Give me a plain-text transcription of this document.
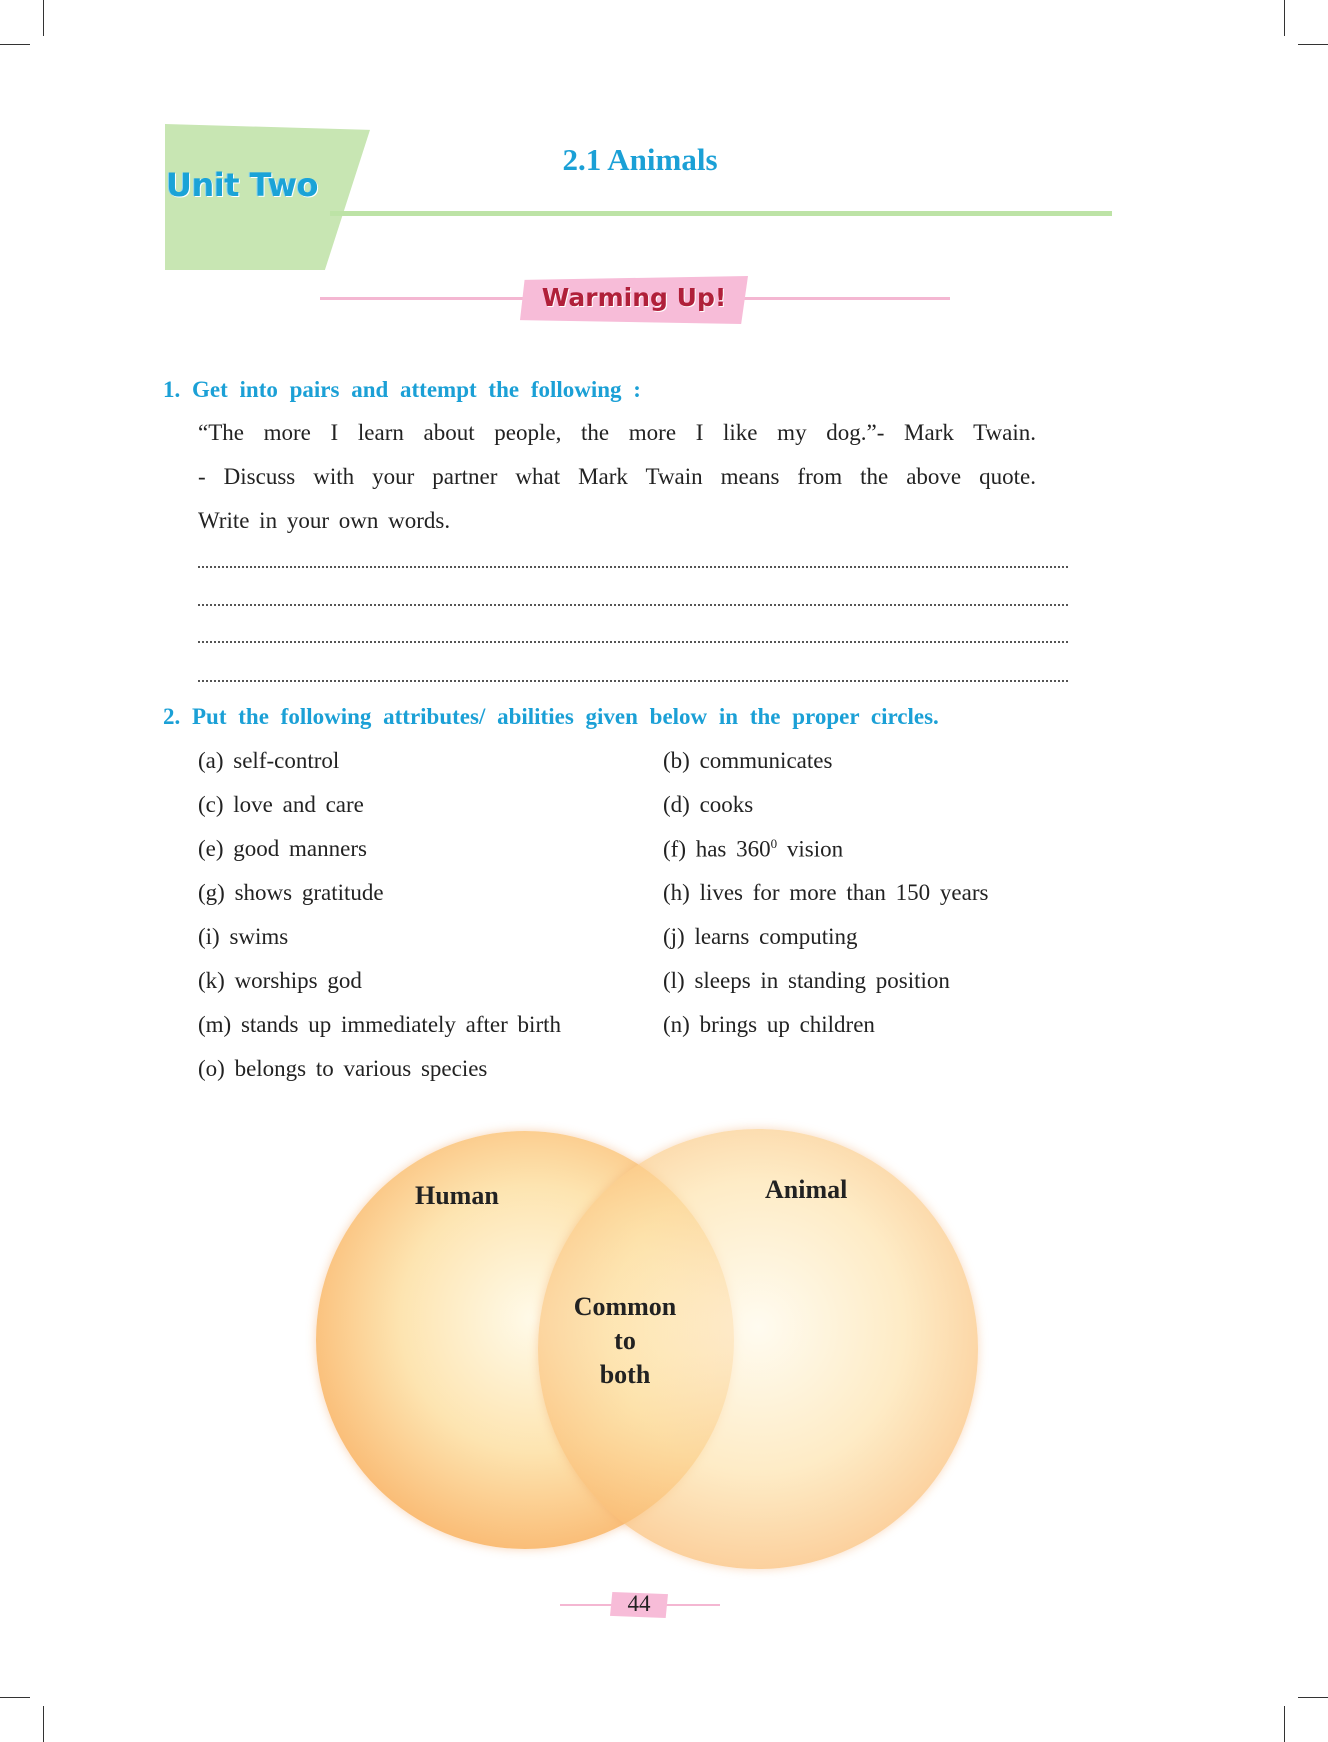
Unit Two
2.1 Animals
Warming Up!
1. Get into pairs and attempt the following :
“The more I learn about people, the more I like my dog.”- Mark Twain.
- Discuss with your partner what Mark Twain means from the above quote.
Write in your own words.
2. Put the following attributes/ abilities given below in the proper circles.
(a) self-control	(b) communicates
(c) love and care	(d) cooks
(e) good manners	(f) has $360^0$ vision
(g) shows gratitude	(h) lives for more than 150 years
(i) swims	(j) learns computing
(k) worships god	(l) sleeps in standing position
(m) stands up immediately after birth	(n) brings up children
(o) belongs to various species
Human	Animal
Common
to
both
44
